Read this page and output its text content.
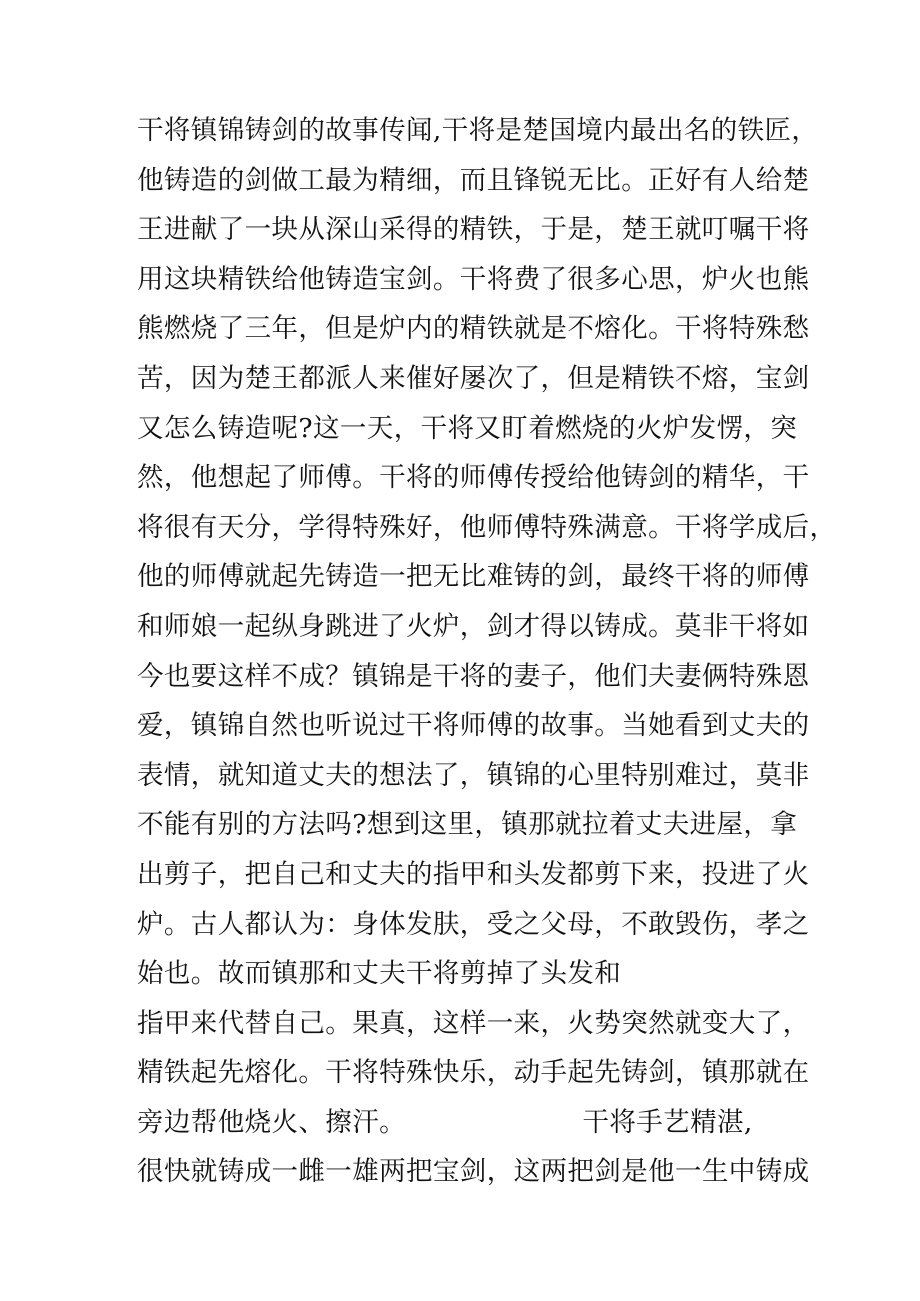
干将镇锦铸剑的故事传闻,干将是楚国境内最出名的铁匠，
他铸造的剑做工最为精细，而且锋锐无比。正好有人给楚
王进献了一块从深山采得的精铁，于是，楚王就叮嘱干将
用这块精铁给他铸造宝剑。干将费了很多心思，炉火也熊
熊燃烧了三年，但是炉内的精铁就是不熔化。干将特殊愁
苦，因为楚王都派人来催好屡次了，但是精铁不熔，宝剑
又怎么铸造呢?这一天，干将又盯着燃烧的火炉发愣，突
然，他想起了师傅。干将的师傅传授给他铸剑的精华，干
将很有天分，学得特殊好，他师傅特殊满意。干将学成后，
他的师傅就起先铸造一把无比难铸的剑，最终干将的师傅
和师娘一起纵身跳进了火炉，剑才得以铸成。莫非干将如
今也要这样不成？镇锦是干将的妻子，他们夫妻俩特殊恩
爱，镇锦自然也听说过干将师傅的故事。当她看到丈夫的
表情，就知道丈夫的想法了，镇锦的心里特别难过，莫非
不能有别的方法吗?想到这里，镇那就拉着丈夫进屋，拿
出剪子，把自己和丈夫的指甲和头发都剪下来，投进了火
炉。古人都认为：身体发肤，受之父母，不敢毁伤，孝之
始也。故而镇那和丈夫干将剪掉了头发和
指甲来代替自己。果真，这样一来，火势突然就变大了，
精铁起先熔化。干将特殊快乐，动手起先铸剑，镇那就在
旁边帮他烧火、擦汗。                    干将手艺精湛,
很快就铸成一雌一雄两把宝剑，这两把剑是他一生中铸成
